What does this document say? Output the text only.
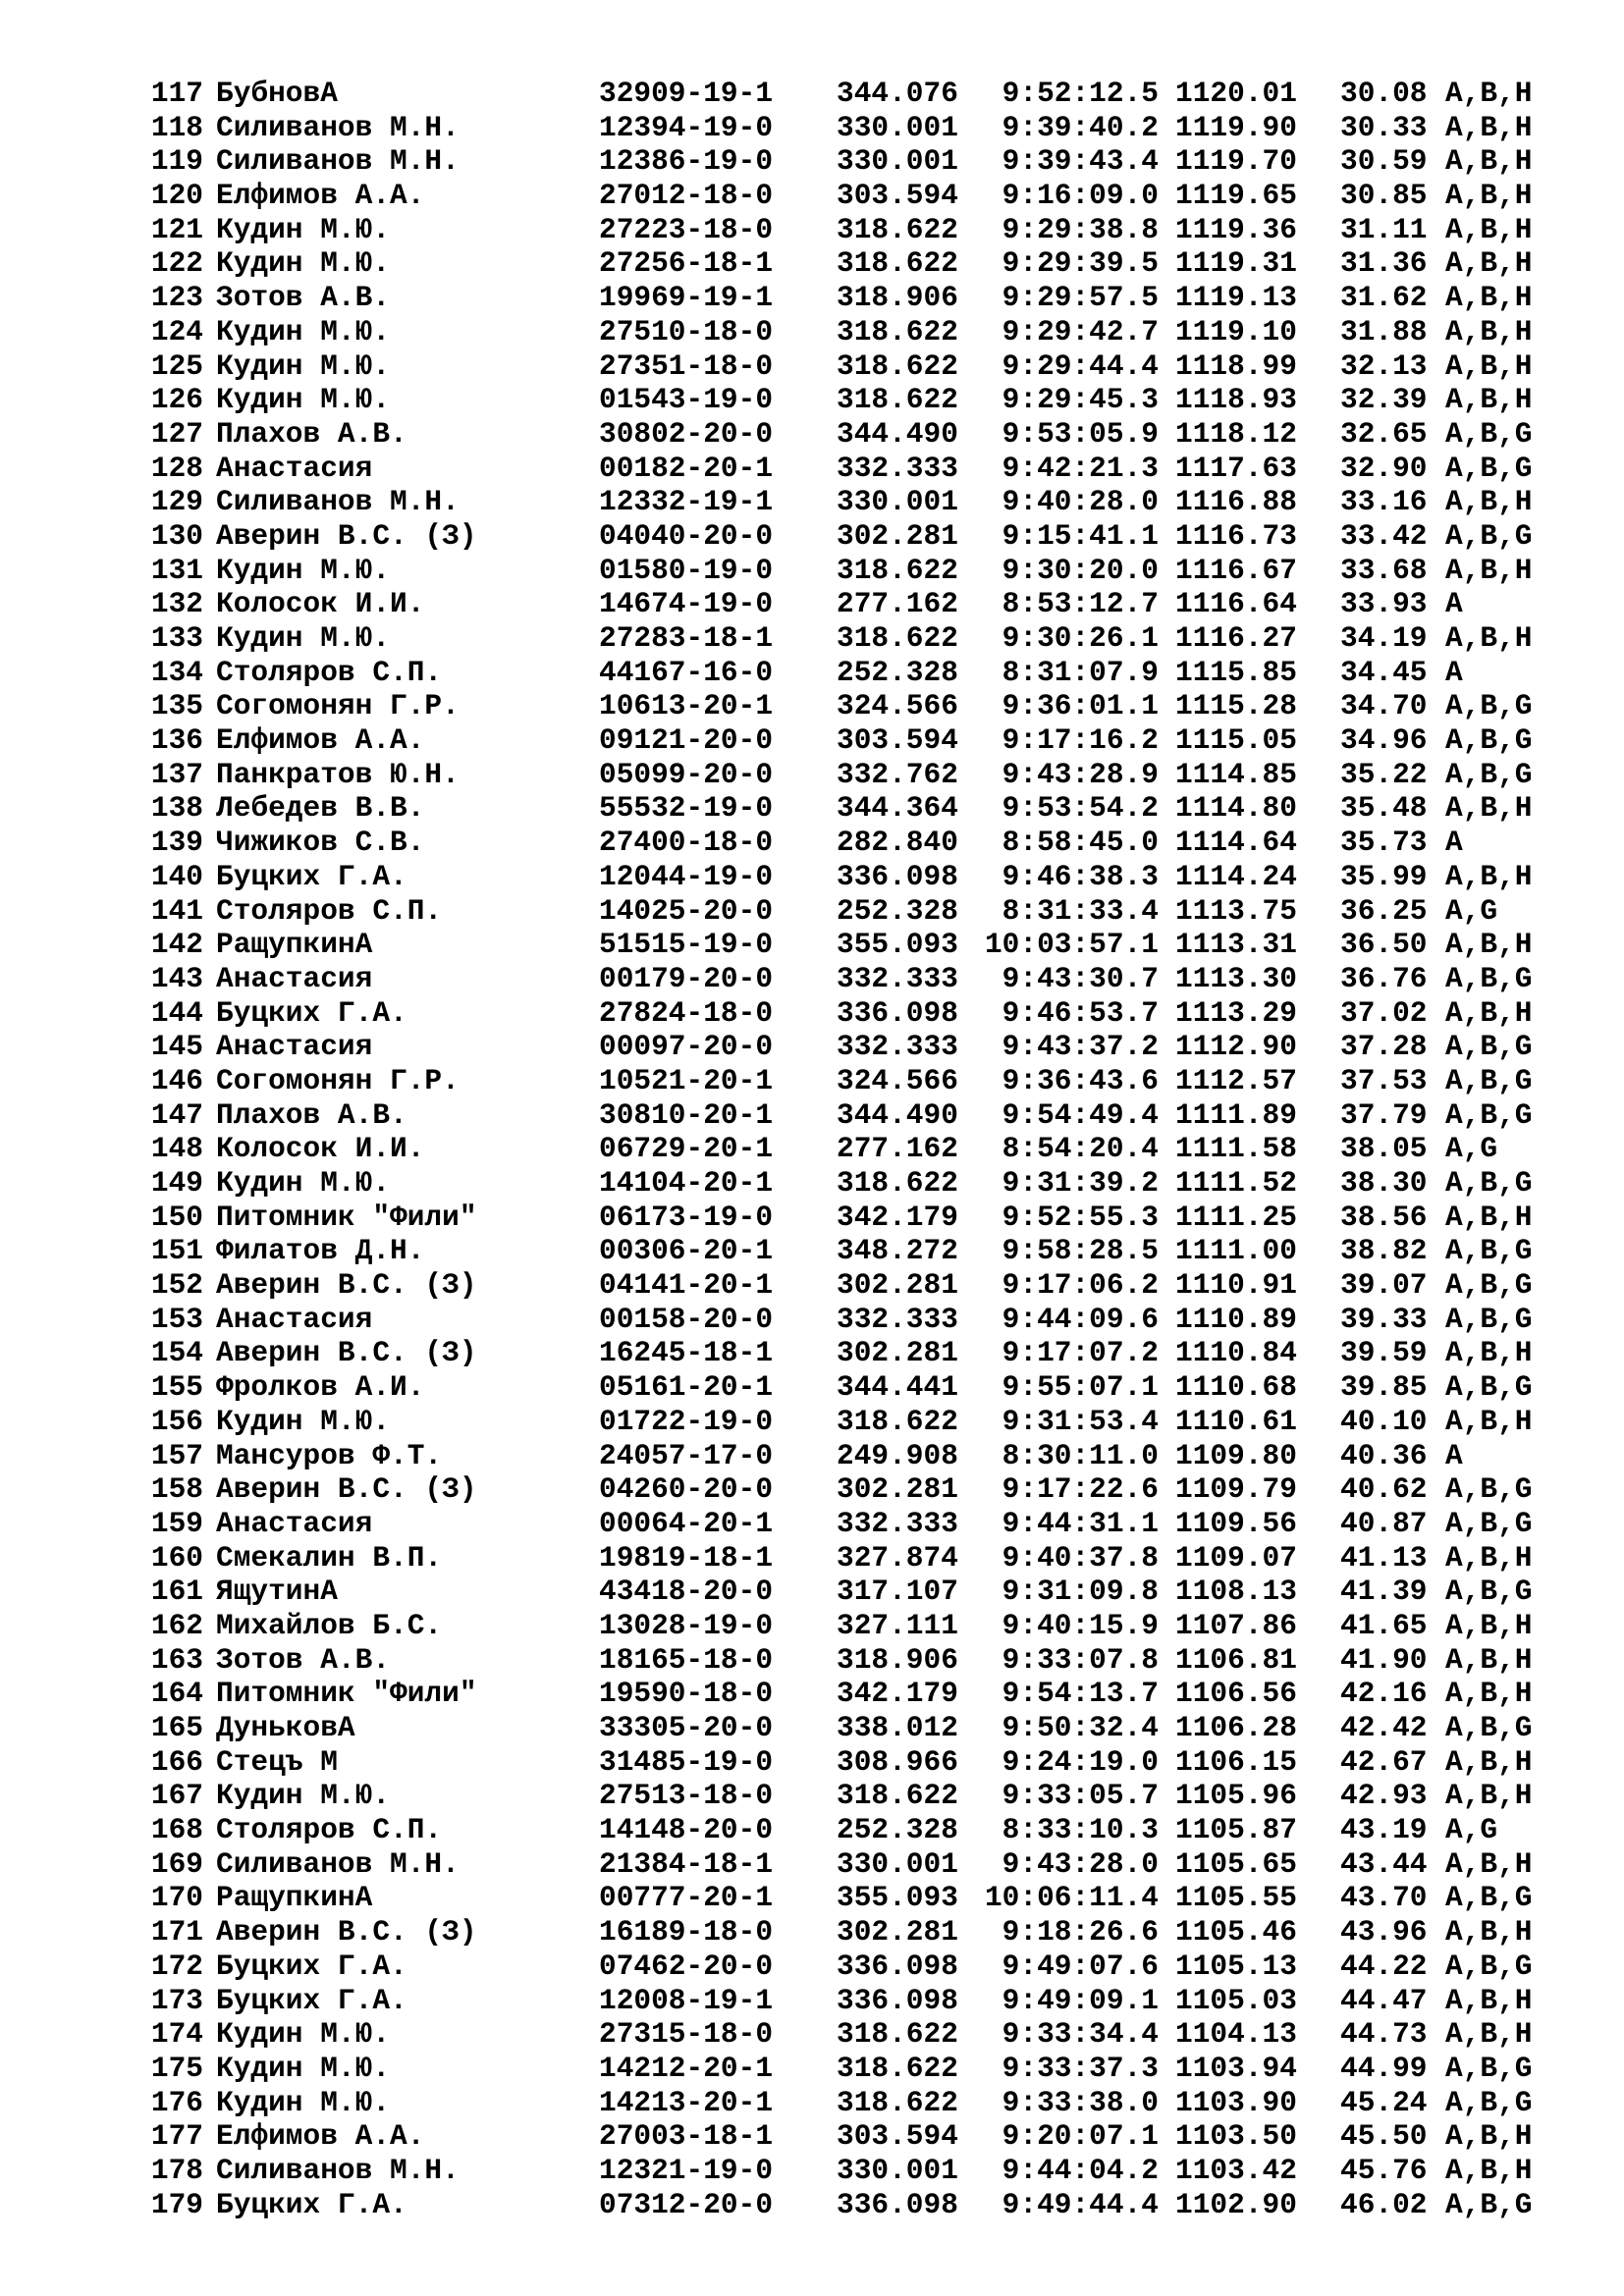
117 БубновА	32909-19-1 344.076	9:52:12.5 1120.01 30.08 A,B,H
118 Силиванов М.Н.	12394-19-0 330.001	9:39:40.2 1119.90 30.33 A,B,H
119 Силиванов М.Н.	12386-19-0 330.001	9:39:43.4 1119.70 30.59 A,B,H
120 Елфимов А.А.	27012-18-0 303.594	9:16:09.0 1119.65 30.85 A,B,H
121 Кудин М.Ю.	27223-18-0 318.622	9:29:38.8 1119.36 31.11 A,B,H
122 Кудин М.Ю.	27256-18-1 318.622	9:29:39.5 1119.31 31.36 A,B,H
123 Зотов А.В.	19969-19-1 318.906	9:29:57.5 1119.13 31.62 A,B,H
124 Кудин М.Ю.	27510-18-0 318.622	9:29:42.7 1119.10 31.88 A,B,H
125 Кудин М.Ю.	27351-18-0 318.622	9:29:44.4 1118.99 32.13 A,B,H
126 Кудин М.Ю.	01543-19-0 318.622	9:29:45.3 1118.93 32.39 A,B,H
127 Плахов А.В.	30802-20-0 344.490	9:53:05.9 1118.12 32.65 A,B,G
128 Анастасия	00182-20-1 332.333	9:42:21.3 1117.63 32.90 A,B,G
129 Силиванов М.Н.	12332-19-1 330.001	9:40:28.0 1116.88 33.16 A,B,H
130 Аверин В.С. (З)	04040-20-0 302.281	9:15:41.1 1116.73 33.42 A,B,G
131 Кудин М.Ю.	01580-19-0 318.622	9:30:20.0 1116.67 33.68 A,B,H
132 Колосок И.И.	14674-19-0 277.162	8:53:12.7 1116.64 33.93 A
133 Кудин М.Ю.	27283-18-1 318.622	9:30:26.1 1116.27 34.19 A,B,H
134 Столяров С.П.	44167-16-0 252.328	8:31:07.9 1115.85 34.45 A
135 Согомонян Г.Р.	10613-20-1 324.566	9:36:01.1 1115.28 34.70 A,B,G
136 Елфимов А.А.	09121-20-0 303.594	9:17:16.2 1115.05 34.96 A,B,G
137 Панкратов Ю.Н.	05099-20-0 332.762	9:43:28.9 1114.85 35.22 A,B,G
138 Лебедев В.В.	55532-19-0 344.364	9:53:54.2 1114.80 35.48 A,B,H
139 Чижиков С.В.	27400-18-0 282.840	8:58:45.0 1114.64 35.73 A
140 Буцких Г.А.	12044-19-0 336.098	9:46:38.3 1114.24 35.99 A,B,H
141 Столяров С.П.	14025-20-0 252.328	8:31:33.4 1113.75 36.25 A,G
142 РащупкинА	51515-19-0 355.093 10:03:57.1 1113.31 36.50 A,B,H
143 Анастасия	00179-20-0 332.333	9:43:30.7 1113.30 36.76 A,B,G
144 Буцких Г.А.	27824-18-0 336.098	9:46:53.7 1113.29 37.02 A,B,H
145 Анастасия	00097-20-0 332.333	9:43:37.2 1112.90 37.28 A,B,G
146 Согомонян Г.Р.	10521-20-1 324.566	9:36:43.6 1112.57 37.53 A,B,G
147 Плахов А.В.	30810-20-1 344.490	9:54:49.4 1111.89 37.79 A,B,G
148 Колосок И.И.	06729-20-1 277.162	8:54:20.4 1111.58 38.05 A,G
149 Кудин М.Ю.	14104-20-1 318.622	9:31:39.2 1111.52 38.30 A,B,G
150 Питомник "Фили"	06173-19-0 342.179	9:52:55.3 1111.25 38.56 A,B,H
151 Филатов Д.Н.	00306-20-1 348.272	9:58:28.5 1111.00 38.82 A,B,G
152 Аверин В.С. (З)	04141-20-1 302.281	9:17:06.2 1110.91 39.07 A,B,G
153 Анастасия	00158-20-0 332.333	9:44:09.6 1110.89 39.33 A,B,G
154 Аверин В.С. (З)	16245-18-1 302.281	9:17:07.2 1110.84 39.59 A,B,H
155 Фролков А.И.	05161-20-1 344.441	9:55:07.1 1110.68 39.85 A,B,G
156 Кудин М.Ю.	01722-19-0 318.622	9:31:53.4 1110.61 40.10 A,B,H
157 Мансуров Ф.Т.	24057-17-0 249.908	8:30:11.0 1109.80 40.36 A
158 Аверин В.С. (З)	04260-20-0 302.281	9:17:22.6 1109.79 40.62 A,B,G
159 Анастасия	00064-20-1 332.333	9:44:31.1 1109.56 40.87 A,B,G
160 Смекалин В.П.	19819-18-1 327.874	9:40:37.8 1109.07 41.13 A,B,H
161 ЯщутинА	43418-20-0 317.107	9:31:09.8 1108.13 41.39 A,B,G
162 Михайлов Б.С.	13028-19-0 327.111	9:40:15.9 1107.86 41.65 A,B,H
163 Зотов А.В.	18165-18-0 318.906	9:33:07.8 1106.81 41.90 A,B,H
164 Питомник "Фили"	19590-18-0 342.179	9:54:13.7 1106.56 42.16 A,B,H
165 ДуньковА	33305-20-0 338.012	9:50:32.4 1106.28 42.42 A,B,G
166 Стецъ М	31485-19-0 308.966	9:24:19.0 1106.15 42.67 A,B,H
167 Кудин М.Ю.	27513-18-0 318.622	9:33:05.7 1105.96 42.93 A,B,H
168 Столяров С.П.	14148-20-0 252.328	8:33:10.3 1105.87 43.19 A,G
169 Силиванов М.Н.	21384-18-1 330.001	9:43:28.0 1105.65 43.44 A,B,H
170 РащупкинА	00777-20-1 355.093 10:06:11.4 1105.55 43.70 A,B,G
171 Аверин В.С. (З)	16189-18-0 302.281	9:18:26.6 1105.46 43.96 A,B,H
172 Буцких Г.А.	07462-20-0 336.098	9:49:07.6 1105.13 44.22 A,B,G
173 Буцких Г.А.	12008-19-1 336.098	9:49:09.1 1105.03 44.47 A,B,H
174 Кудин М.Ю.	27315-18-0 318.622	9:33:34.4 1104.13 44.73 A,B,H
175 Кудин М.Ю.	14212-20-1 318.622	9:33:37.3 1103.94 44.99 A,B,G
176 Кудин М.Ю.	14213-20-1 318.622	9:33:38.0 1103.90 45.24 A,B,G
177 Елфимов А.А.	27003-18-1 303.594	9:20:07.1 1103.50 45.50 A,B,H
178 Силиванов М.Н.	12321-19-0 330.001	9:44:04.2 1103.42 45.76 A,B,H
179 Буцких Г.А.	07312-20-0 336.098	9:49:44.4 1102.90 46.02 A,B,G
